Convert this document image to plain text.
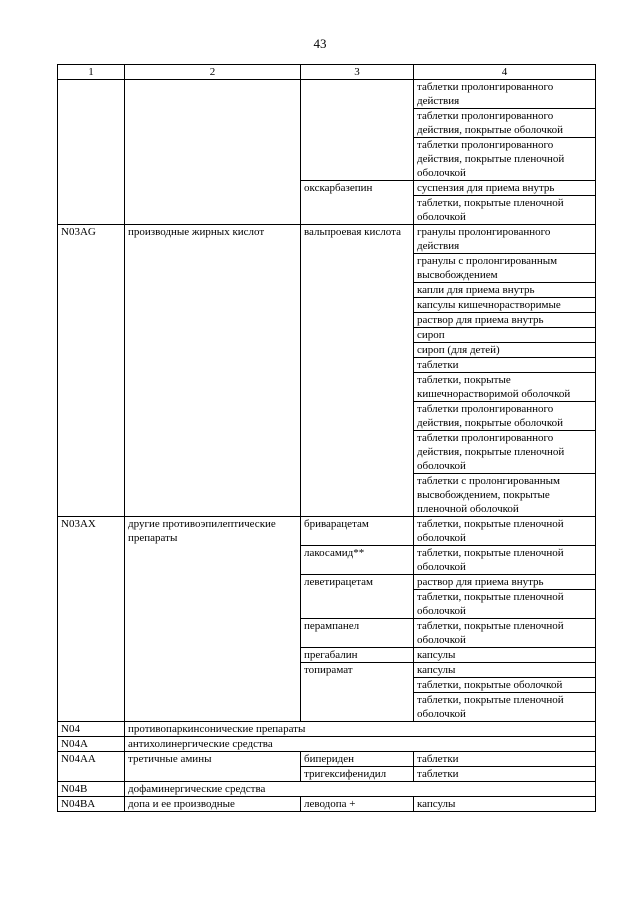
43
1	2	3	4
			таблетки пролонгированного действия
			таблетки пролонгированного действия, покрытые оболочкой
			таблетки пролонгированного действия, покрытые пленочной оболочкой
		окскарбазепин	суспензия для приема внутрь
			таблетки, покрытые пленочной оболочкой
N03AG	производные жирных кислот	вальпроевая кислота	гранулы пролонгированного действия
			гранулы с пролонгированным высвобождением
			капли для приема внутрь
			капсулы кишечнорастворимые
			раствор для приема внутрь
			сироп
			сироп (для детей)
			таблетки
			таблетки, покрытые кишечнорастворимой оболочкой
			таблетки пролонгированного действия, покрытые оболочкой
			таблетки пролонгированного действия, покрытые пленочной оболочкой
			таблетки с пролонгированным высвобождением, покрытые пленочной оболочкой
N03AX	другие противоэпилептические препараты	бриварацетам	таблетки, покрытые пленочной оболочкой
		лакосамид**	таблетки, покрытые пленочной оболочкой
		леветирацетам	раствор для приема внутрь
			таблетки, покрытые пленочной оболочкой
		перампанел	таблетки, покрытые пленочной оболочкой
		прегабалин	капсулы
		топирамат	капсулы
			таблетки, покрытые оболочкой
			таблетки, покрытые пленочной оболочкой
N04	противопаркинсонические препараты		
N04A	антихолинергические средства		
N04AA	третичные амины	бипериден	таблетки
		тригексифенидил	таблетки
N04B	дофаминергические средства		
N04BA	допа и ее производные	леводопа +	капсулы
